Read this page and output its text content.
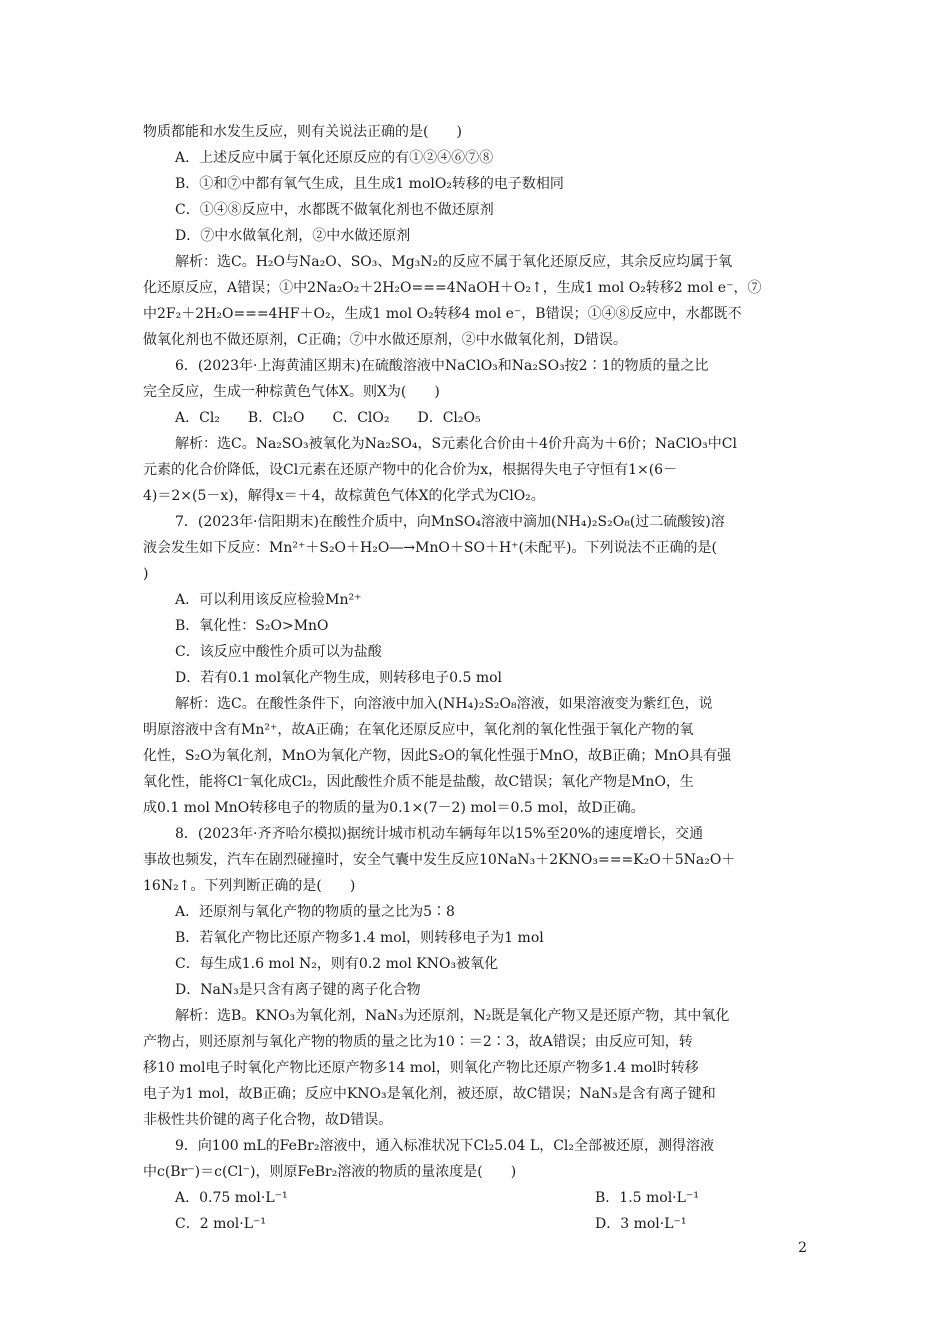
物质都能和水发生反应，则有关说法正确的是(　　)
A．上述反应中属于氧化还原反应的有①②④⑥⑦⑧
B．①和⑦中都有氧气生成，且生成1 molO₂转移的电子数相同
C．①④⑧反应中，水都既不做氧化剂也不做还原剂
D．⑦中水做氧化剂，②中水做还原剂
解析：选C。H₂O与Na₂O、SO₃、Mg₃N₂的反应不属于氧化还原反应，其余反应均属于氧
化还原反应，A错误；①中2Na₂O₂＋2H₂O===4NaOH＋O₂↑，生成1 mol O₂转移2 mol e⁻，⑦
中2F₂＋2H₂O===4HF＋O₂，生成1 mol O₂转移4 mol e⁻，B错误；①④⑧反应中，水都既不
做氧化剂也不做还原剂，C正确；⑦中水做还原剂，②中水做氧化剂，D错误。
6．(2023年·上海黄浦区期末)在硫酸溶液中NaClO₃和Na₂SO₃按2∶1的物质的量之比
完全反应，生成一种棕黄色气体X。则X为(　　)
A．Cl₂　　B．Cl₂O　　C．ClO₂　　D．Cl₂O₅
解析：选C。Na₂SO₃被氧化为Na₂SO₄，S元素化合价由＋4价升高为＋6价；NaClO₃中Cl
元素的化合价降低，设Cl元素在还原产物中的化合价为x，根据得失电子守恒有1×(6－
4)＝2×(5－x)，解得x＝＋4，故棕黄色气体X的化学式为ClO₂。
7．(2023年·信阳期末)在酸性介质中，向MnSO₄溶液中滴加(NH₄)₂S₂O₈(过二硫酸铵)溶
液会发生如下反应：Mn²⁺＋S₂O＋H₂O―→MnO＋SO＋H⁺(未配平)。下列说法不正确的是(
)
A．可以利用该反应检验Mn²⁺
B．氧化性：S₂O>MnO
C．该反应中酸性介质可以为盐酸
D．若有0.1 mol氧化产物生成，则转移电子0.5 mol
解析：选C。在酸性条件下，向溶液中加入(NH₄)₂S₂O₈溶液，如果溶液变为紫红色，说
明原溶液中含有Mn²⁺，故A正确；在氧化还原反应中，氧化剂的氧化性强于氧化产物的氧
化性，S₂O为氧化剂，MnO为氧化产物，因此S₂O的氧化性强于MnO，故B正确；MnO具有强
氧化性，能将Cl⁻氧化成Cl₂，因此酸性介质不能是盐酸，故C错误；氧化产物是MnO，生
成0.1 mol MnO转移电子的物质的量为0.1×(7－2) mol＝0.5 mol，故D正确。
8．(2023年·齐齐哈尔模拟)据统计城市机动车辆每年以15%至20%的速度增长，交通
事故也频发，汽车在剧烈碰撞时，安全气囊中发生反应10NaN₃＋2KNO₃===K₂O＋5Na₂O＋
16N₂↑。下列判断正确的是(　　)
A．还原剂与氧化产物的物质的量之比为5∶8
B．若氧化产物比还原产物多1.4 mol，则转移电子为1 mol
C．每生成1.6 mol N₂，则有0.2 mol KNO₃被氧化
D．NaN₃是只含有离子键的离子化合物
解析：选B。KNO₃为氧化剂，NaN₃为还原剂，N₂既是氧化产物又是还原产物，其中氧化
产物占，则还原剂与氧化产物的物质的量之比为10∶＝2∶3，故A错误；由反应可知，转
移10 mol电子时氧化产物比还原产物多14 mol，则氧化产物比还原产物多1.4 mol时转移
电子为1 mol，故B正确；反应中KNO₃是氧化剂，被还原，故C错误；NaN₃是含有离子键和
非极性共价键的离子化合物，故D错误。
9．向100 mL的FeBr₂溶液中，通入标准状况下Cl₂5.04 L，Cl₂全部被还原，测得溶液
中c(Br⁻)＝c(Cl⁻)，则原FeBr₂溶液的物质的量浓度是(　　)
A．0.75 mol·L⁻¹	B．1.5 mol·L⁻¹
C．2 mol·L⁻¹	D．3 mol·L⁻¹
2
